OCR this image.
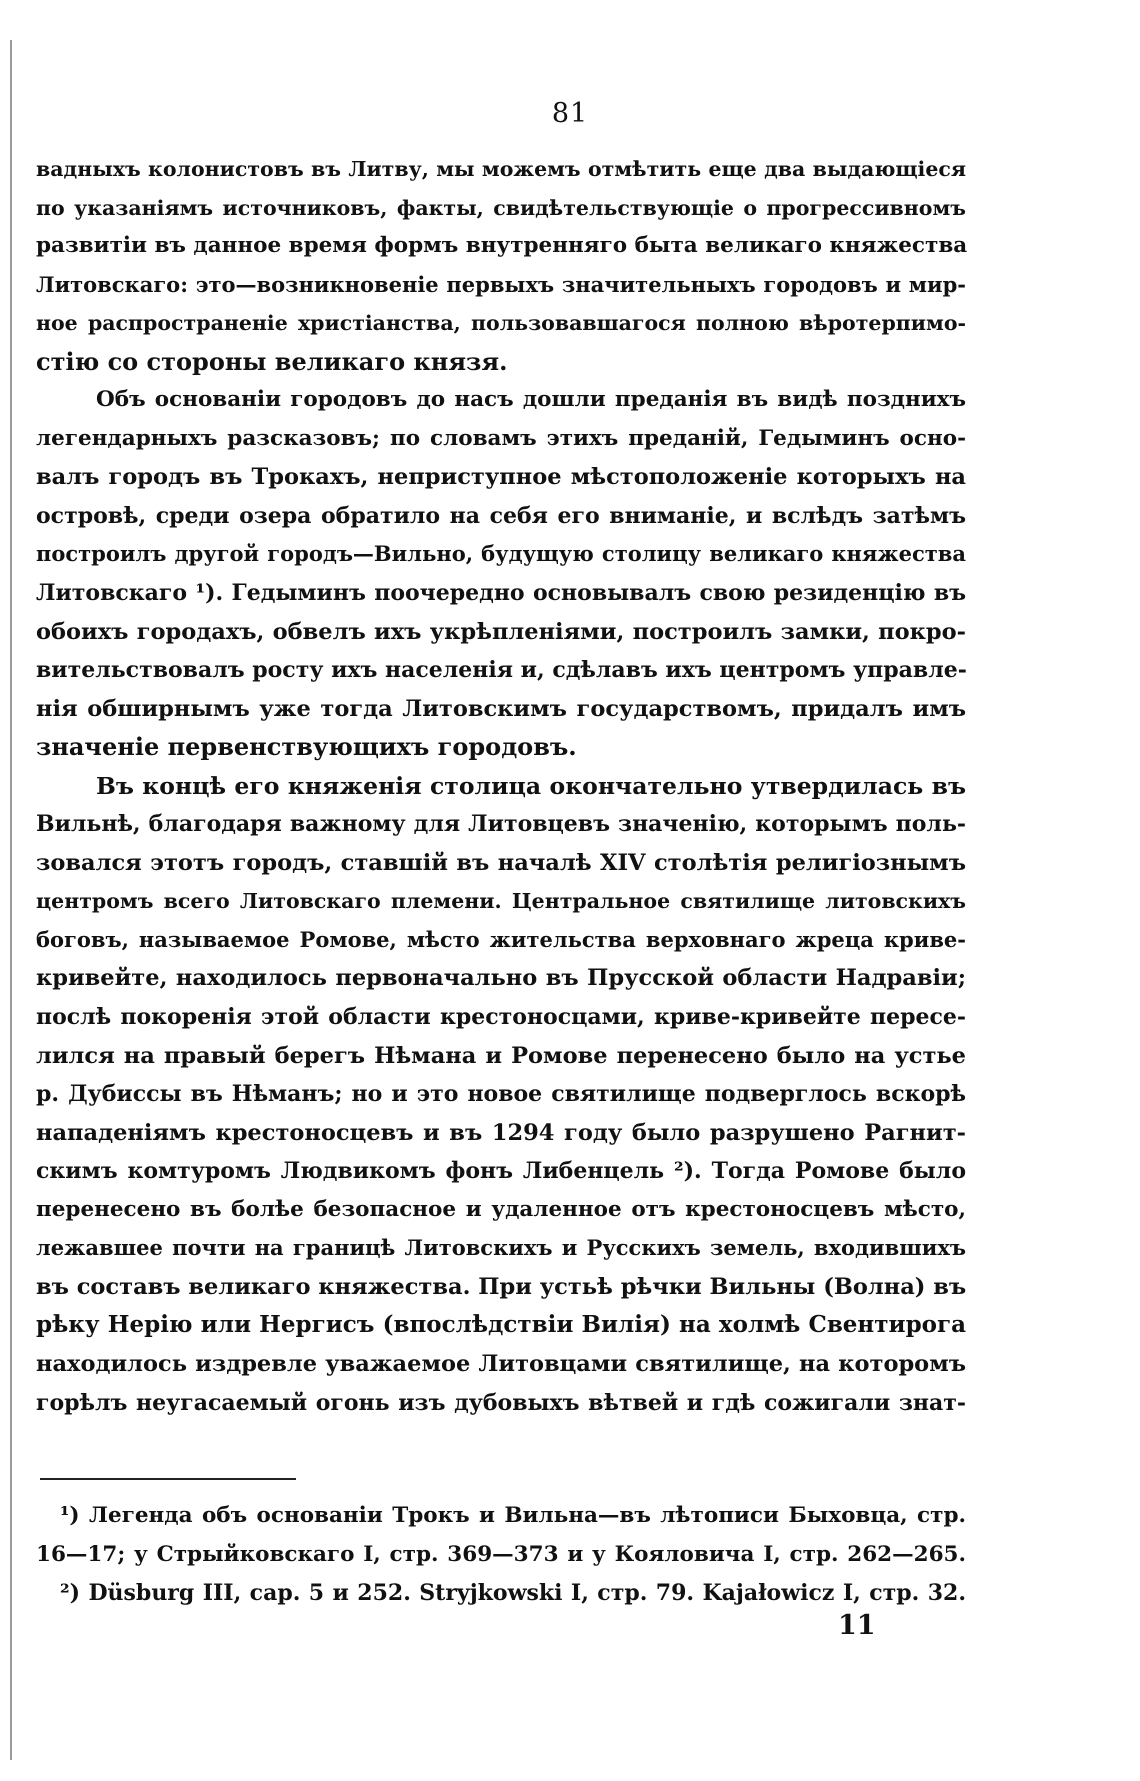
81
вадныхъ колонистовъ въ Литву, мы можемъ отмѣтить еще два выдающіеся
по указаніямъ источниковъ, факты, свидѣтельствующіе о прогрессивномъ
развитіи въ данное время формъ внутренняго быта великаго княжества
Литовскаго: это—возникновеніе первыхъ значительныхъ городовъ и мир-
ное распространеніе христіанства, пользовавшагося полною вѣротерпимо-
стію со стороны великаго князя.
Объ основаніи городовъ до насъ дошли преданія въ видѣ позднихъ
легендарныхъ разсказовъ; по словамъ этихъ преданій, Гедыминъ осно-
валъ городъ въ Трокахъ, неприступное мѣстоположеніе которыхъ на
островѣ, среди озера обратило на себя его вниманіе, и вслѣдъ затѣмъ
построилъ другой городъ—Вильно, будущую столицу великаго княжества
Литовскаго ¹). Гедыминъ поочередно основывалъ свою резиденцію въ
обоихъ городахъ, обвелъ ихъ укрѣпленіями, построилъ замки, покро-
вительствовалъ росту ихъ населенія и, сдѣлавъ ихъ центромъ управле-
нія обширнымъ уже тогда Литовскимъ государствомъ, придалъ имъ
значеніе первенствующихъ городовъ.
Въ концѣ его княженія столица окончательно утвердилась въ
Вильнѣ, благодаря важному для Литовцевъ значенію, которымъ поль-
зовался этотъ городъ, ставшій въ началѣ XIV столѣтія религіознымъ
центромъ всего Литовскаго племени. Центральное святилище литовскихъ
боговъ, называемое Ромове, мѣсто жительства верховнаго жреца криве-
кривейте, находилось первоначально въ Прусской области Надравіи;
послѣ покоренія этой области крестоносцами, криве-кривейте пересе-
лился на правый берегъ Нѣмана и Ромове перенесено было на устье
р. Дубиссы въ Нѣманъ; но и это новое святилище подверглось вскорѣ
нападеніямъ крестоносцевъ и въ 1294 году было разрушено Рагнит-
скимъ комтуромъ Людвикомъ фонъ Либенцель ²). Тогда Ромове было
перенесено въ болѣе безопасное и удаленное отъ крестоносцевъ мѣсто,
лежавшее почти на границѣ Литовскихъ и Русскихъ земель, входившихъ
въ составъ великаго княжества. При устьѣ рѣчки Вильны (Волна) въ
рѣку Нерію или Нергисъ (впослѣдствіи Вилія) на холмѣ Свентирога
находилось издревле уважаемое Литовцами святилище, на которомъ
горѣлъ неугасаемый огонь изъ дубовыхъ вѣтвей и гдѣ сожигали знат-
¹) Легенда объ основаніи Трокъ и Вильна—въ лѣтописи Быховца, стр.
16—17; у Стрыйковскаго I, стр. 369—373 и у Кояловича I, стр. 262—265.
²) Düsburg III, cap. 5 и 252. Stryjkowski I, стр. 79. Kajałowicz I, стр. 32.
11
